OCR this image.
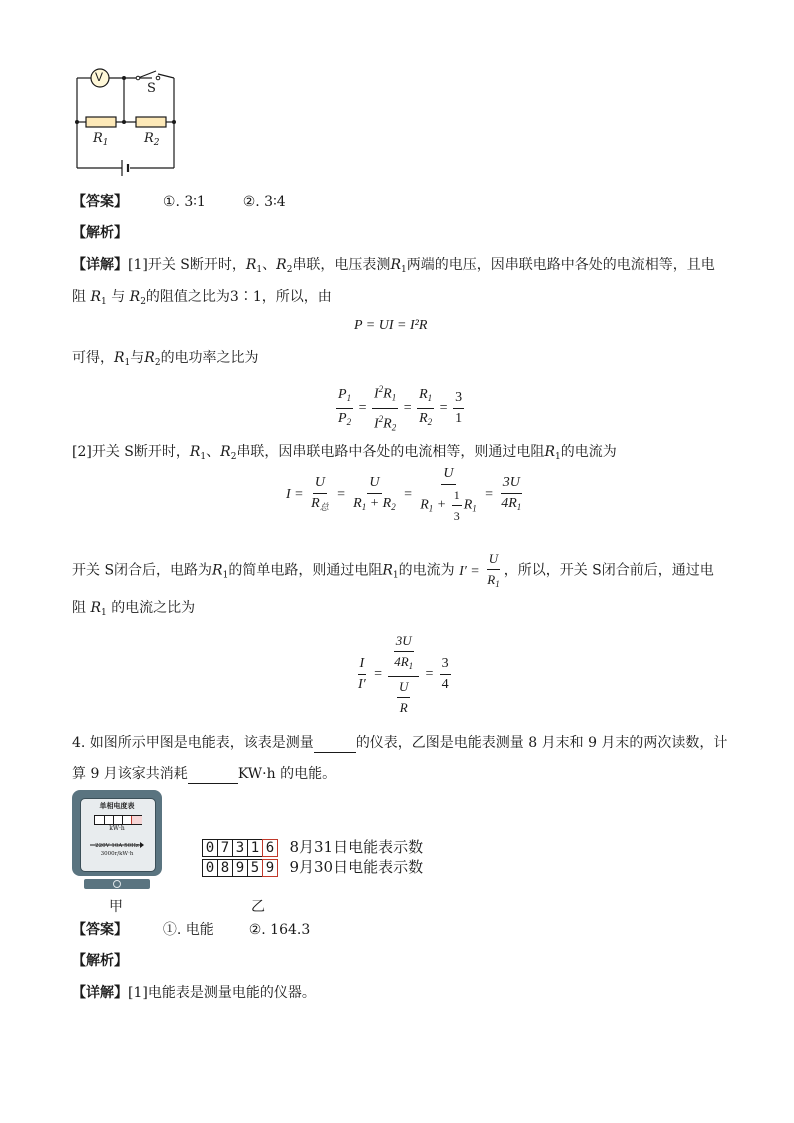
V
S
$R_1$	$R_2$
【答案】 ①. 3∶1	②. 3∶4
【解析】
【详解】[1]开关 S断开时，$R_1$、$R_2$串联，电压表测$R_1$两端的电压，因串联电路中各处的电流相等，且电
阻 $R_1$ 与 $R_2$的阻值之比为3∶1，所以，由
P = UI = I²R
可得，$R_1$与$R_2$的电功率之比为
$\frac{P_1}{P_2} = \frac{I^2R_1}{I^2R_2} = \frac{R_1}{R_2} = \frac{3}{1}$
[2]开关 S断开时，$R_1$、$R_2$串联，因串联电路中各处的电流相等，则通过电阻$R_1$的电流为
$I = \frac{U}{R_总} = \frac{U}{R_1 + R_2} = \frac{U}{R_1 + \frac{1}{3} R_1} = \frac{3U}{4R_1}$
开关 S闭合后，电路为$R_1$的简单电路，则通过电阻$R_1$的电流为 $I' = \frac{U}{R_1}$ ，所以，开关 S闭合前后，通过电
阻 $R_1$ 的电流之比为
$\frac{I}{I'} = \frac{\frac{3U}{4R_1}}{\frac{U}{R}} = \frac{3}{4}$
4. 如图所示甲图是电能表，该表是测量	的仪表，乙图是电能表测量 8 月末和 9 月末的两次读数，计
算 9 月该家共消耗	KW·h 的电能。
单相电度表
kW·h
220V 10A 50Hz
3000r/kW·h	0 7 3 1 6 8月31日电能表示数
0 8 9 5 9 9月30日电能表示数
甲	乙
【答案】 ①. 电能 ②. 164.3
【解析】
【详解】[1]电能表是测量电能的仪器。
